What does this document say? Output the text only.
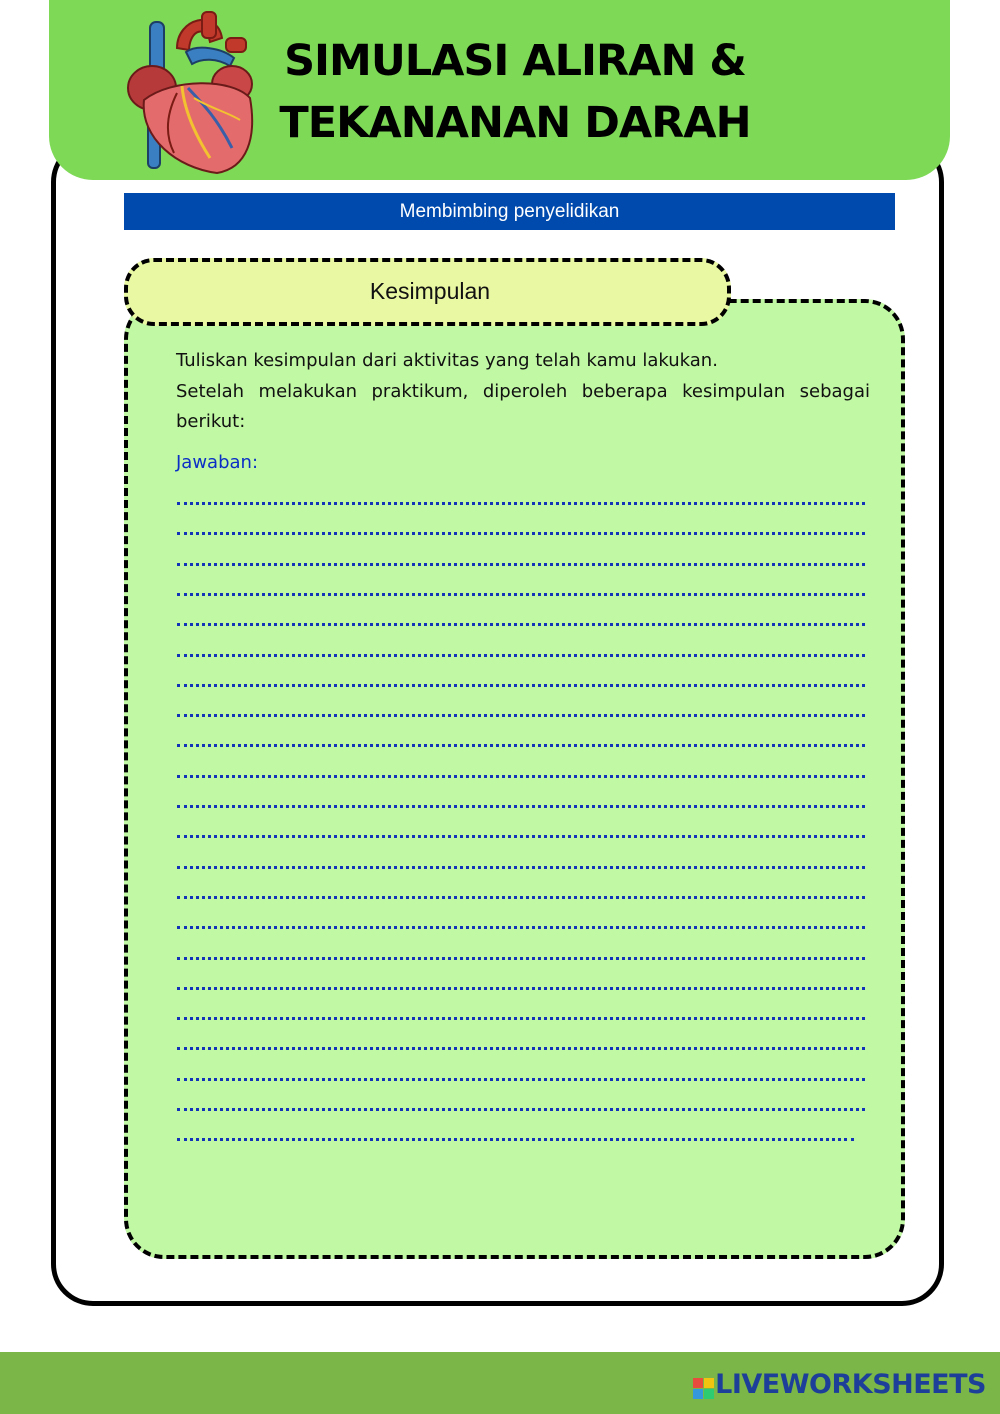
SIMULASI ALIRAN &
TEKANANAN DARAH
Membimbing penyelidikan
Kesimpulan

Tuliskan kesimpulan dari aktivitas yang telah kamu lakukan.

Setelah melakukan praktikum, diperoleh beberapa kesimpulan sebagai berikut:

Jawaban:
LIVEWORKSHEETS
